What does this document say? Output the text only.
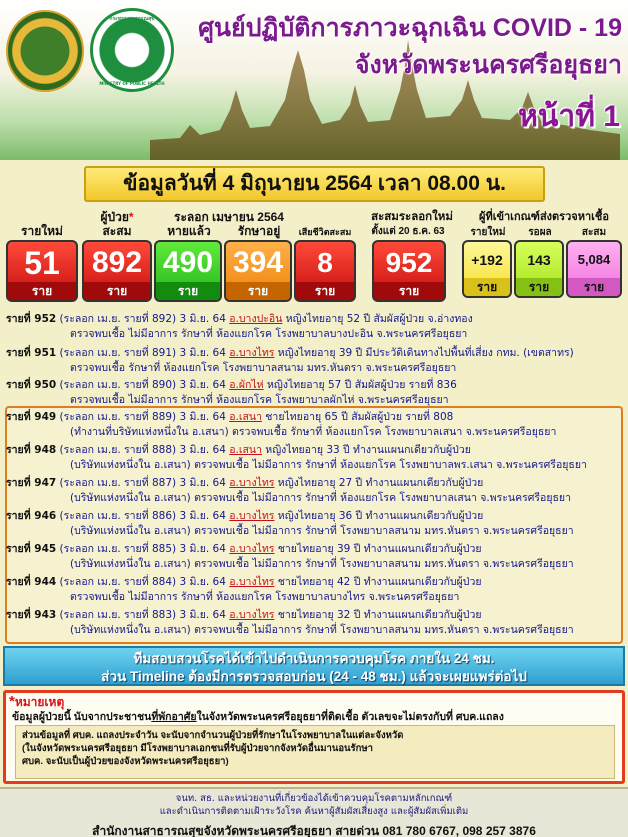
กระทรวงสาธารณสุข
⚕
MINISTRY OF PUBLIC HEALTH
ศูนย์ปฏิบัติการภาวะฉุกเฉิน COVID - 19
จังหวัดพระนครศรีอยุธยา
หน้าที่ 1
ข้อมูลวันที่ 4 มิถุนายน 2564 เวลา 08.00 น.
รายใหม่
ผู้ป่วย*
สะสม
ระลอก เมษายน 2564
หายแล้ว	รักษาอยู่	เสียชีวิตสะสม
สะสมระลอกใหม่
ตั้งแต่ 20 ธ.ค. 63
ผู้ที่เข้าเกณฑ์ส่งตรวจหาเชื้อ
รายใหม่	รอผล	สะสม
51
ราย
892
ราย
490
ราย
394
ราย
8
ราย
952
ราย
+192
ราย
143
ราย
5,084
ราย
รายที่ 952 (ระลอก เม.ย. รายที่ 892) 3 มิ.ย. 64 อ.บางปะอิน หญิงไทยอายุ 52 ปี สัมผัสผู้ป่วย จ.อ่างทอง
ตรวจพบเชื้อ ไม่มีอาการ รักษาที่ ห้องแยกโรค โรงพยาบาลบางปะอิน จ.พระนครศรีอยุธยา
รายที่ 951 (ระลอก เม.ย. รายที่ 891) 3 มิ.ย. 64 อ.บางไทร หญิงไทยอายุ 39 ปี มีประวัติเดินทางไปพื้นที่เสี่ยง กทม. (เขตสาทร)
ตรวจพบเชื้อ รักษาที่ ห้องแยกโรค โรงพยาบาลสนาม มทร.หันตรา จ.พระนครศรีอยุธยา
รายที่ 950 (ระลอก เม.ย. รายที่ 890) 3 มิ.ย. 64 อ.ผักไห่ หญิงไทยอายุ 57 ปี สัมผัสผู้ป่วย รายที่ 836
ตรวจพบเชื้อ ไม่มีอาการ รักษาที่ ห้องแยกโรค โรงพยาบาลผักไห่ จ.พระนครศรีอยุธยา
รายที่ 949 (ระลอก เม.ย. รายที่ 889) 3 มิ.ย. 64 อ.เสนา ชายไทยอายุ 65 ปี สัมผัสผู้ป่วย รายที่ 808
(ทำงานที่บริษัทแห่งหนึ่งใน อ.เสนา) ตรวจพบเชื้อ รักษาที่ ห้องแยกโรค โรงพยาบาลเสนา จ.พระนครศรีอยุธยา
รายที่ 948 (ระลอก เม.ย. รายที่ 888) 3 มิ.ย. 64 อ.เสนา หญิงไทยอายุ 33 ปี ทำงานแผนกเดียวกับผู้ป่วย
(บริษัทแห่งหนึ่งใน อ.เสนา) ตรวจพบเชื้อ ไม่มีอาการ รักษาที่ ห้องแยกโรค โรงพยาบาลพร.เสนา จ.พระนครศรีอยุธยา
รายที่ 947 (ระลอก เม.ย. รายที่ 887) 3 มิ.ย. 64 อ.บางไทร หญิงไทยอายุ 27 ปี ทำงานแผนกเดียวกับผู้ป่วย
(บริษัทแห่งหนึ่งใน อ.เสนา) ตรวจพบเชื้อ ไม่มีอาการ รักษาที่ ห้องแยกโรค โรงพยาบาลเสนา จ.พระนครศรีอยุธยา
รายที่ 946 (ระลอก เม.ย. รายที่ 886) 3 มิ.ย. 64 อ.บางไทร หญิงไทยอายุ 36 ปี ทำงานแผนกเดียวกับผู้ป่วย
(บริษัทแห่งหนึ่งใน อ.เสนา) ตรวจพบเชื้อ ไม่มีอาการ รักษาที่ โรงพยาบาลสนาม มทร.หันตรา จ.พระนครศรีอยุธยา
รายที่ 945 (ระลอก เม.ย. รายที่ 885) 3 มิ.ย. 64 อ.บางไทร ชายไทยอายุ 39 ปี ทำงานแผนกเดียวกับผู้ป่วย
(บริษัทแห่งหนึ่งใน อ.เสนา) ตรวจพบเชื้อ ไม่มีอาการ รักษาที่ โรงพยาบาลสนาม มทร.หันตรา จ.พระนครศรีอยุธยา
รายที่ 944 (ระลอก เม.ย. รายที่ 884) 3 มิ.ย. 64 อ.บางไทร ชายไทยอายุ 42 ปี ทำงานแผนกเดียวกับผู้ป่วย
ตรวจพบเชื้อ ไม่มีอาการ รักษาที่ ห้องแยกโรค โรงพยาบาลบางไทร จ.พระนครศรีอยุธยา
รายที่ 943 (ระลอก เม.ย. รายที่ 883) 3 มิ.ย. 64 อ.บางไทร ชายไทยอายุ 32 ปี ทำงานแผนกเดียวกับผู้ป่วย
(บริษัทแห่งหนึ่งใน อ.เสนา) ตรวจพบเชื้อ ไม่มีอาการ รักษาที่ โรงพยาบาลสนาม มทร.หันตรา จ.พระนครศรีอยุธยา
ทีมสอบสวนโรคได้เข้าไปดำเนินการควบคุมโรค ภายใน 24 ชม.
ส่วน Timeline ต้องมีการตรวจสอบก่อน (24 - 48 ชม.) แล้วจะเผยแพร่ต่อไป
*หมายเหตุ
ข้อมูลผู้ป่วยนี้ นับจากประชาชนที่พักอาศัยในจังหวัดพระนครศรีอยุธยาที่ติดเชื้อ ตัวเลขจะไม่ตรงกับที่ ศบค.แถลง
ส่วนข้อมูลที่ ศบค. แถลงประจำวัน จะนับจากจำนวนผู้ป่วยที่รักษาในโรงพยาบาลในแต่ละจังหวัด
(ในจังหวัดพระนครศรีอยุธยา มีโรงพยาบาลเอกชนที่รับผู้ป่วยจากจังหวัดอื่นมานอนรักษา
ศบค. จะนับเป็นผู้ป่วยของจังหวัดพระนครศรีอยุธยา)
จนท. สธ. และหน่วยงานที่เกี่ยวข้องได้เข้าควบคุมโรคตามหลักเกณฑ์
และดำเนินการติดตามเฝ้าระวังโรค ค้นหาผู้สัมผัสเสี่ยงสูง และผู้สัมผัสเพิ่มเติม
สำนักงานสาธารณสุขจังหวัดพระนครศรีอยุธยา สายด่วน 081 780 6767, 098 257 3876
